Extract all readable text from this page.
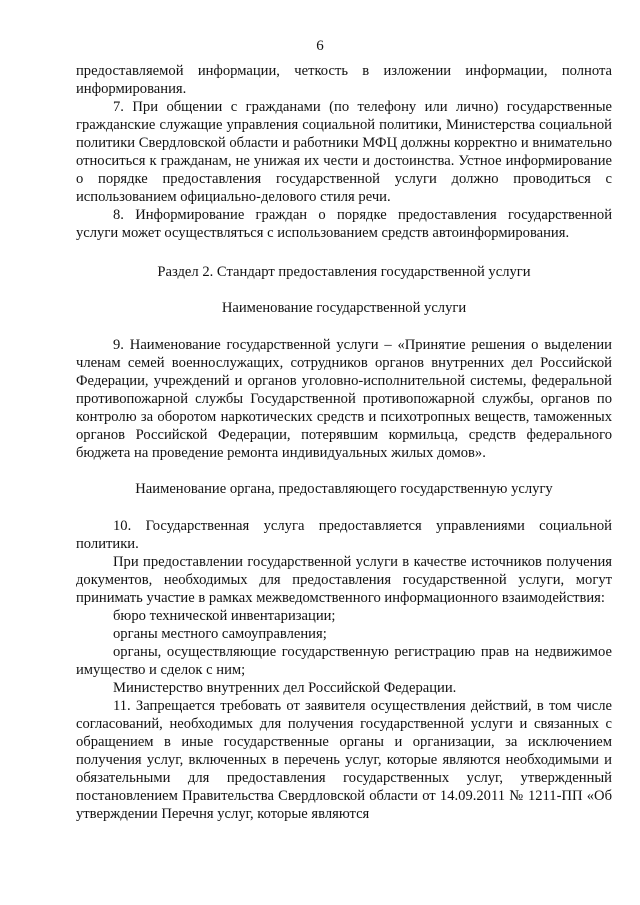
6

предоставляемой информации, четкость в изложении информации, полнота информирования.

7. При общении с гражданами (по телефону или лично) государственные гражданские служащие управления социальной политики, Министерства социальной политики Свердловской области и работники МФЦ должны корректно и внимательно относиться к гражданам, не унижая их чести и достоинства. Устное информирование о порядке предоставления государственной услуги должно проводиться с использованием официально-делового стиля речи.

8. Информирование граждан о порядке предоставления государственной услуги может осуществляться с использованием средств автоинформирования.

Раздел 2. Стандарт предоставления государственной услуги

Наименование государственной услуги

9. Наименование государственной услуги – «Принятие решения о выделении членам семей военнослужащих, сотрудников органов внутренних дел Российской Федерации, учреждений и органов уголовно-исполнительной системы, федеральной противопожарной службы Государственной противопожарной службы, органов по контролю за оборотом наркотических средств и психотропных веществ, таможенных органов Российской Федерации, потерявшим кормильца, средств федерального бюджета на проведение ремонта индивидуальных жилых домов».

Наименование органа, предоставляющего государственную услугу

10. Государственная услуга предоставляется управлениями социальной политики.

При предоставлении государственной услуги в качестве источников получения документов, необходимых для предоставления государственной услуги, могут принимать участие в рамках межведомственного информационного взаимодействия:

бюро технической инвентаризации;

органы местного самоуправления;

органы, осуществляющие государственную регистрацию прав на недвижимое имущество и сделок с ним;

Министерство внутренних дел Российской Федерации.

11. Запрещается требовать от заявителя осуществления действий, в том числе согласований, необходимых для получения государственной услуги и связанных с обращением в иные государственные органы и организации, за исключением получения услуг, включенных в перечень услуг, которые являются необходимыми и обязательными для предоставления государственных услуг, утвержденный постановлением Правительства Свердловской области от 14.09.2011 № 1211-ПП «Об утверждении Перечня услуг, которые являются
